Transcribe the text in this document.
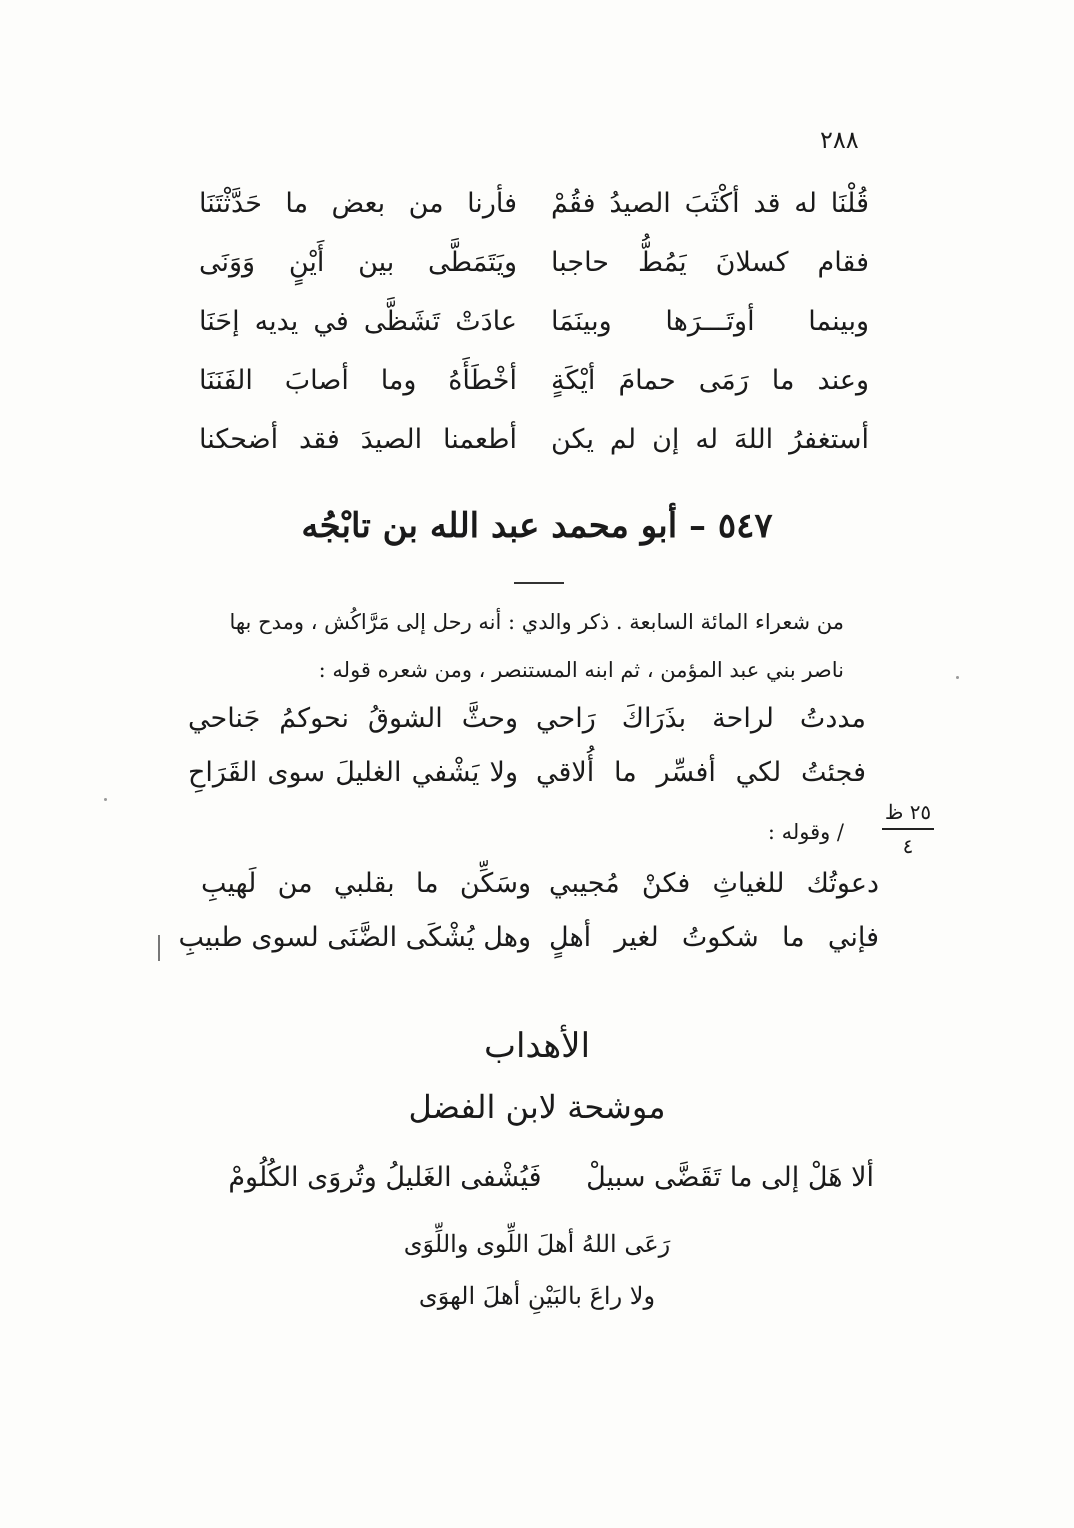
٢٨٨
قُلْنَا له قد أكْثَبَ الصيدُ فقُمْ
فأرنا من بعض ما حَدَّثْتَنَا
فقام كسلانَ يَمُطُّ حاجبا
ويَتَمَطَّى بين أَيْنٍ وَوَنَى
وبينما أوتَـــرَها وبينَمَا
عادَتْ تَشَظَّى في يديه إحَنَا
وعند ما رَمَى حمامَ أيْكَةٍ
أخْطَأَهُ وما أصابَ الفَنَنَا
أستغفرُ اللهَ له إن لم يكن
أطعمنا الصيدَ فقد أضحكنا
٥٤٧ – أبو محمد عبد الله بن تابْجُه
من شعراء المائة السابعة . ذكر والدي : أنه رحل إلى مَرَّاكُش ، ومدح بها
ناصر بني عبد المؤمن ، ثم ابنه المستنصر ، ومن شعره قوله :
مددتُ لراحة بذَرَاكَ رَاحي
وحثَّ الشوقُ نحوكمُ جَناحي
فجئتُ لكي أفسِّر ما أُلاقي
ولا يَشْفي الغليلَ سوى القَرَاحِ
٢٥ ظ
٤
/ وقوله :
دعوتُك للغياثِ فكنْ مُجيبي
وسَكِّن ما بقلبي من لَهيبِ
فإني ما شكوتُ لغير أهلٍ
وهل يُشْكَى الضَّنَى لسوى طبيبِ
الأهداب
موشحة لابن الفضل
ألا هَلْ إلى ما تَقَضَّى سبيلْ فَيُشْفى الغَليلُ وتُروَى الكُلُومْ
رَعَى اللهُ أهلَ اللِّوى واللِّوَى
ولا راعَ بالبَيْنِ أهلَ الهوَى
